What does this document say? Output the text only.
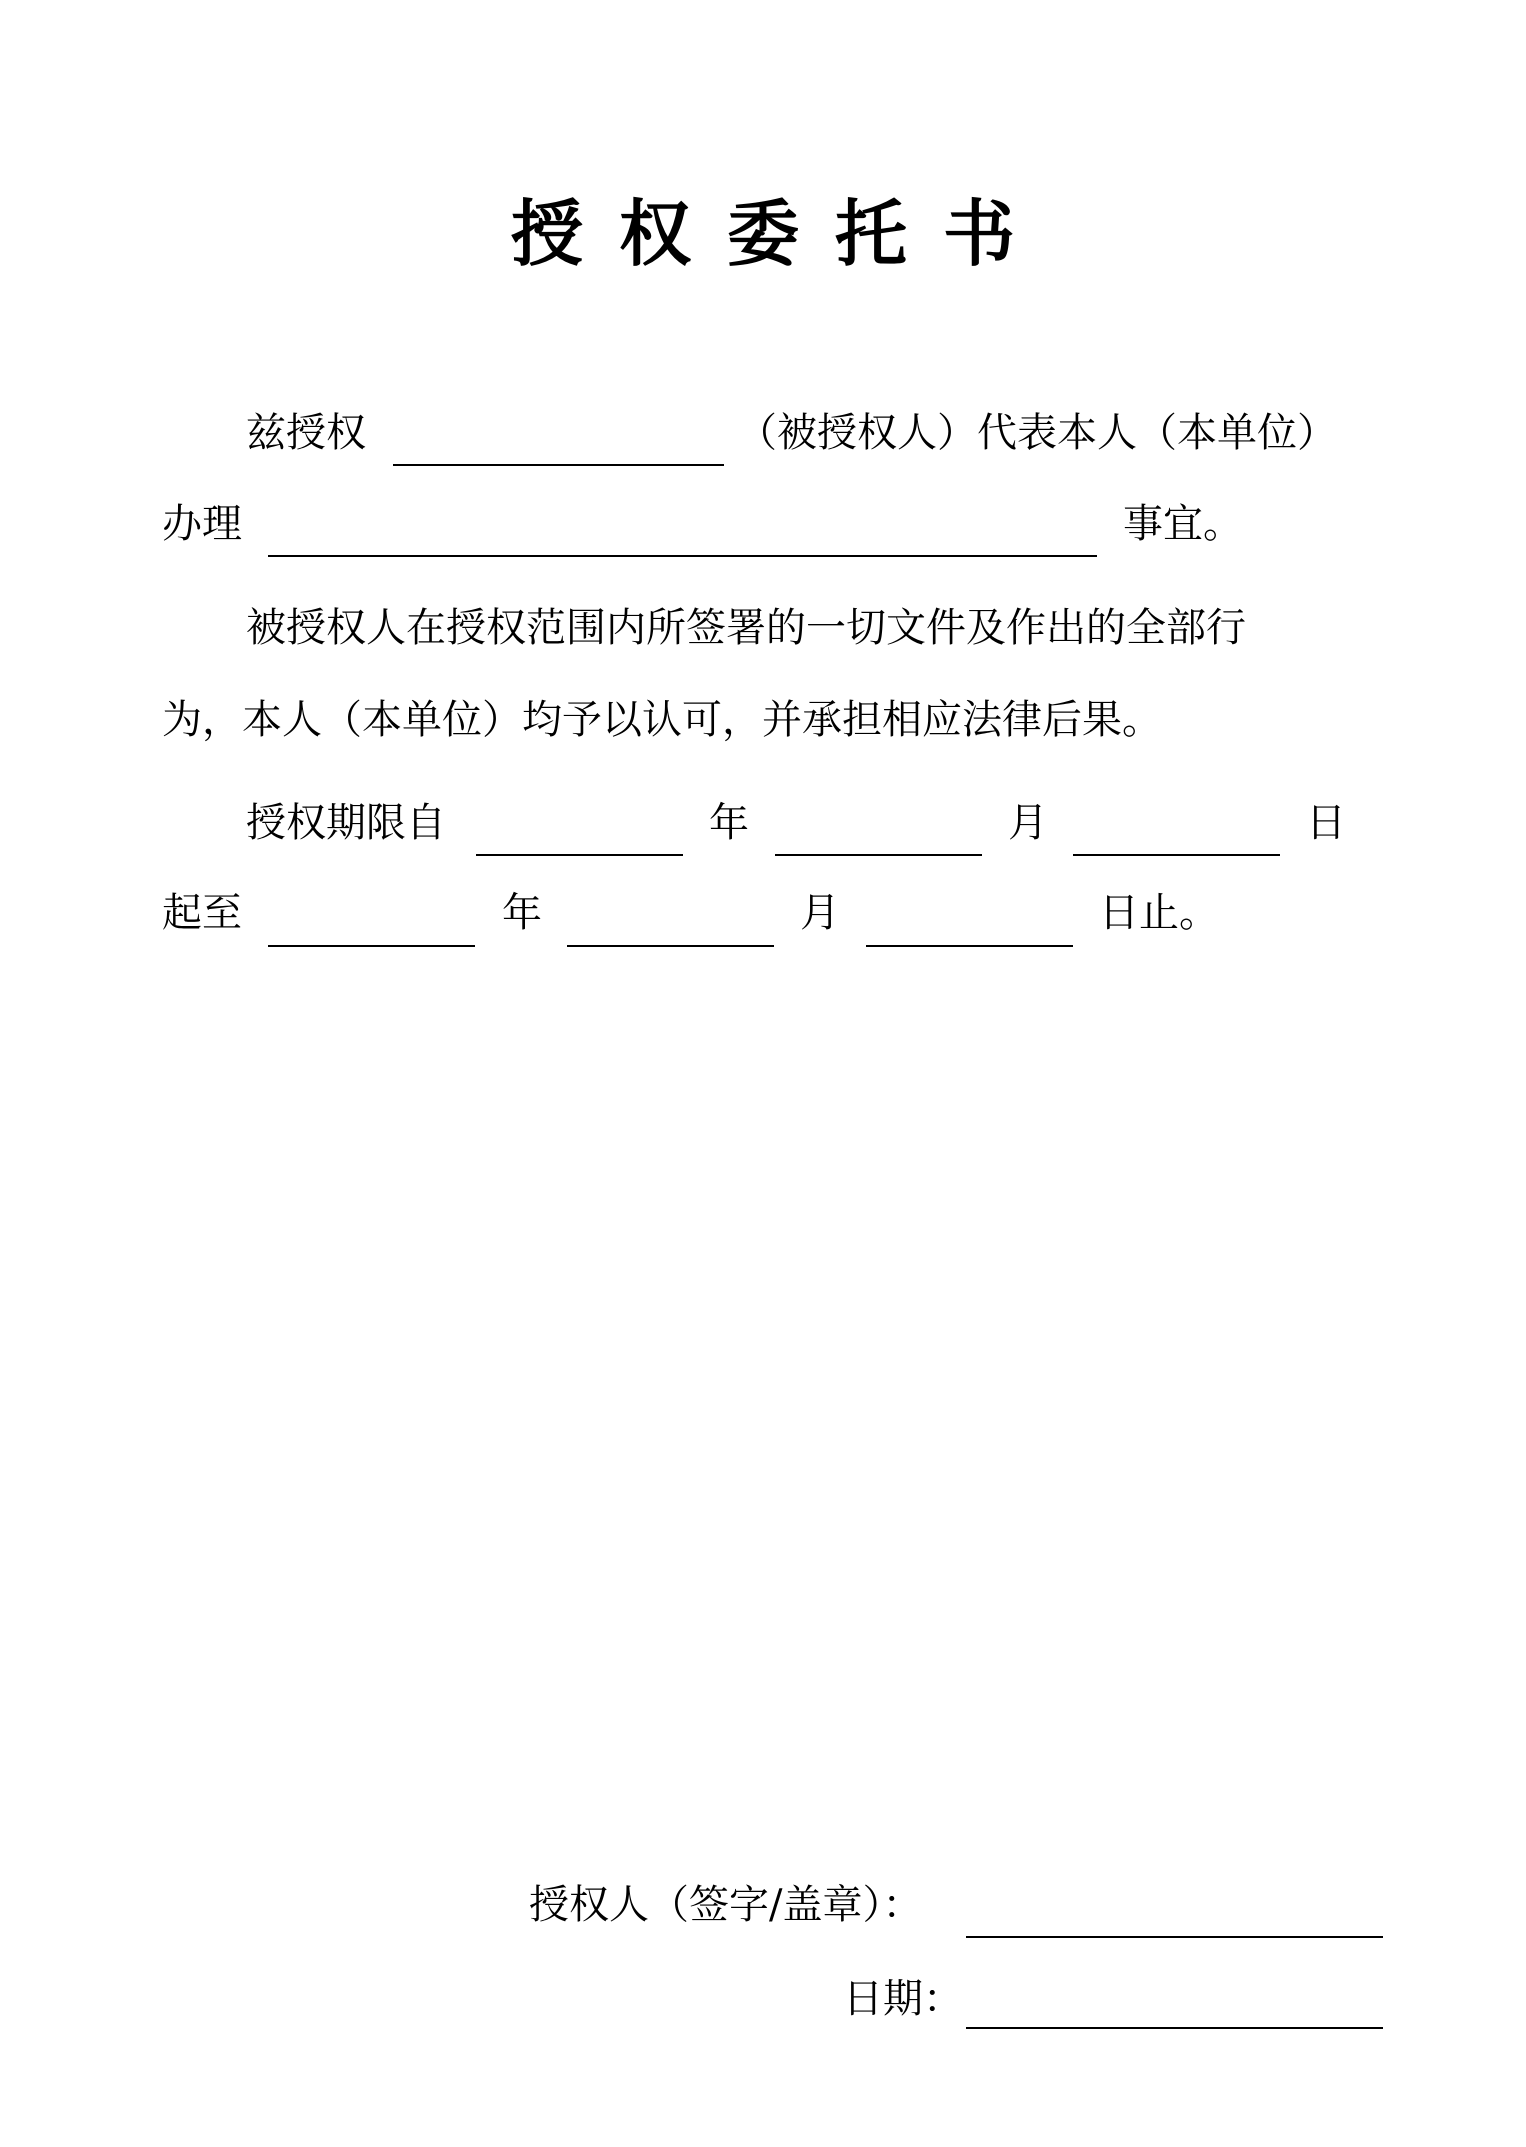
授权委托书
兹授权	（被授权人）代表本人（本单位）
办理	事宜。
被授权人在授权范围内所签署的一切文件及作出的全部行
为，本人（本单位）均予以认可，并承担相应法律后果。
授权期限自	年	月	日
起至	年	月	日止。
授权人（签字/盖章）：
日期：
